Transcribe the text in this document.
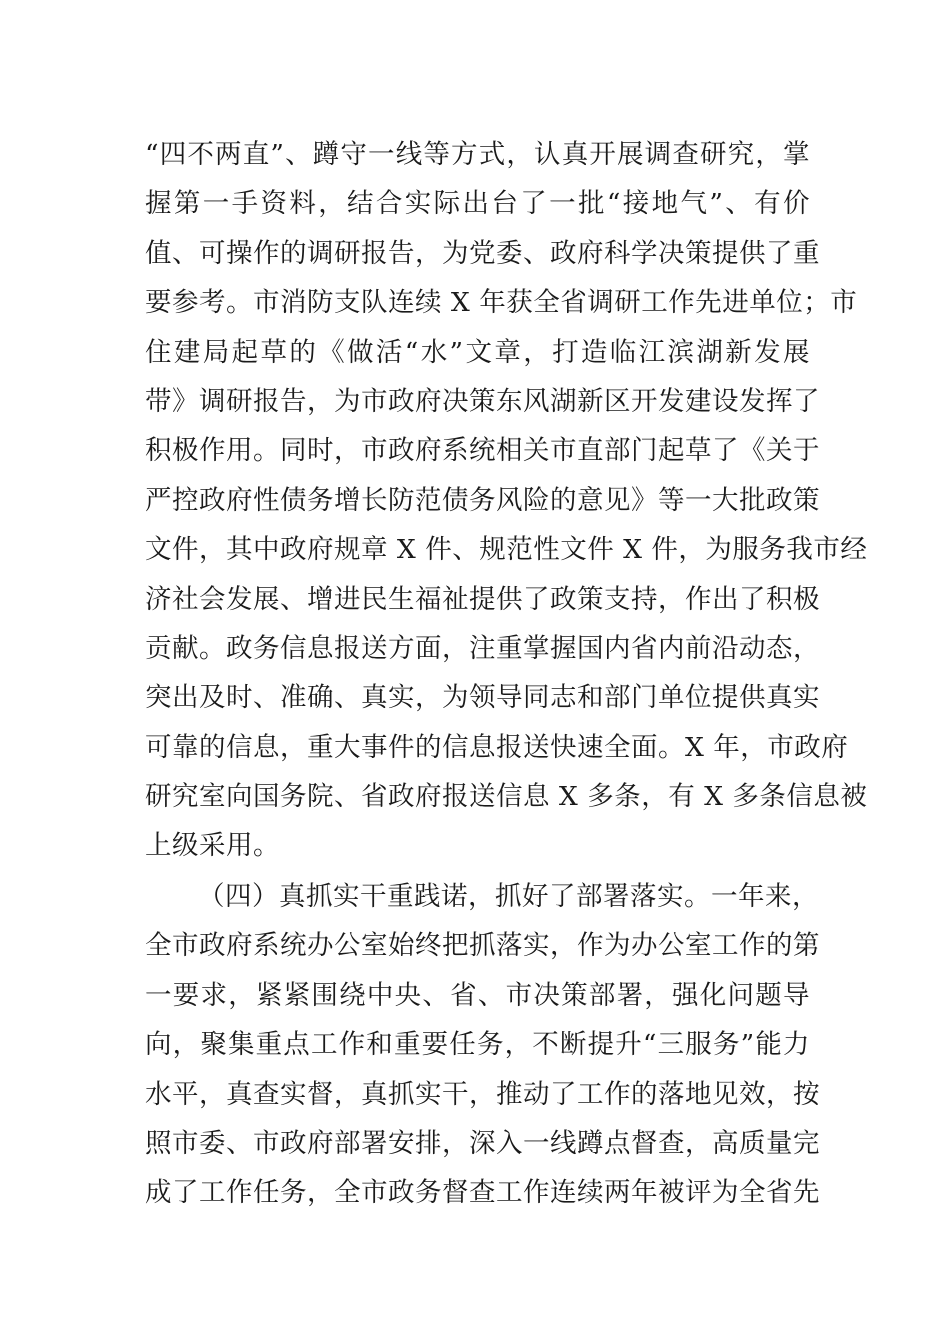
“四不两直”、蹲守一线等方式，认真开展调查研究，掌
握第一手资料，结合实际出台了一批“接地气”、有价
值、可操作的调研报告，为党委、政府科学决策提供了重
要参考。市消防支队连续 X 年获全省调研工作先进单位；市
住建局起草的《做活“水”文章，打造临江滨湖新发展
带》调研报告，为市政府决策东风湖新区开发建设发挥了
积极作用。同时，市政府系统相关市直部门起草了《关于
严控政府性债务增长防范债务风险的意见》等一大批政策
文件，其中政府规章 X 件、规范性文件 X 件，为服务我市经
济社会发展、增进民生福祉提供了政策支持，作出了积极
贡献。政务信息报送方面，注重掌握国内省内前沿动态，
突出及时、准确、真实，为领导同志和部门单位提供真实
可靠的信息，重大事件的信息报送快速全面。X 年，市政府
研究室向国务院、省政府报送信息 X 多条，有 X 多条信息被
上级采用。
（四）真抓实干重践诺，抓好了部署落实。一年来，
全市政府系统办公室始终把抓落实，作为办公室工作的第
一要求，紧紧围绕中央、省、市决策部署，强化问题导
向，聚集重点工作和重要任务，不断提升“三服务”能力
水平，真查实督，真抓实干，推动了工作的落地见效，按
照市委、市政府部署安排，深入一线蹲点督查，高质量完
成了工作任务，全市政务督查工作连续两年被评为全省先
